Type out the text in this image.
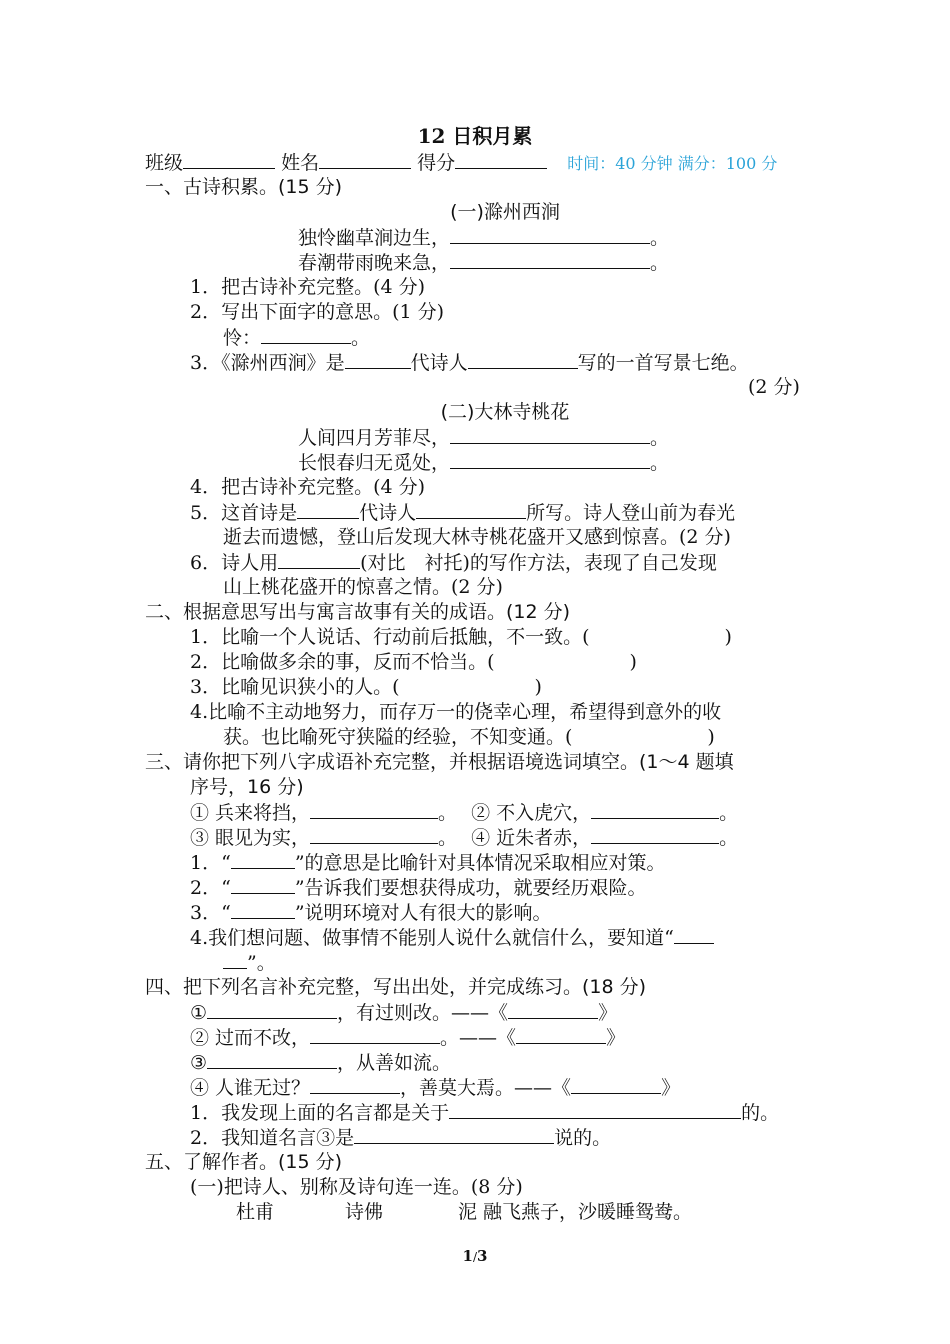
12 日积月累
班级	姓名	得分	时间：40 分钟 满分：100 分
一、古诗积累。(15 分)
(一)滁州西涧
独怜幽草涧边生，	。
春潮带雨晚来急，	。
1．把古诗补充完整。(4 分)
2．写出下面字的意思。(1 分)
怜：	。
3．《滁州西涧》是	代诗人	写的一首写景七绝。
(2 分)
(二)大林寺桃花
人间四月芳菲尽，	。
长恨春归无觅处，	。
4．把古诗补充完整。(4 分)
5．这首诗是	代诗人	所写。诗人登山前为春光
逝去而遗憾，登山后发现大林寺桃花盛开又感到惊喜。(2 分)
6．诗人用	(对比　衬托)的写作方法，表现了自己发现
山上桃花盛开的惊喜之情。(2 分)
二、根据意思写出与寓言故事有关的成语。(12 分)
1．比喻一个人说话、行动前后抵触，不一致。(	)
2．比喻做多余的事，反而不恰当。(	)
3．比喻见识狭小的人。(	)
4.比喻不主动地努力，而存万一的侥幸心理，希望得到意外的收
获。也比喻死守狭隘的经验，不知变通。(	)
三、请你把下列八字成语补充完整，并根据语境选词填空。(1～4 题填
序号，16 分)
① 兵来将挡，	。 ② 不入虎穴，	。
③ 眼见为实，	。 ④ 近朱者赤，	。
1．“	”的意思是比喻针对具体情况采取相应对策。
2．“	”告诉我们要想获得成功，就要经历艰险。
3．“	”说明环境对人有很大的影响。
4.我们想问题、做事情不能别人说什么就信什么，要知道“
”。
四、把下列名言补充完整，写出出处，并完成练习。(18 分)
①	，有过则改。——《	》
② 过而不改，	。——《	》
③	，从善如流。
④ 人谁无过？	，善莫大焉。——《	》
1．我发现上面的名言都是关于	的。
2．我知道名言③是	说的。
五、了解作者。(15 分)
(一)把诗人、别称及诗句连一连。(8 分)
杜甫	诗佛	泥 融飞燕子，沙暖睡鸳鸯。
1/3
